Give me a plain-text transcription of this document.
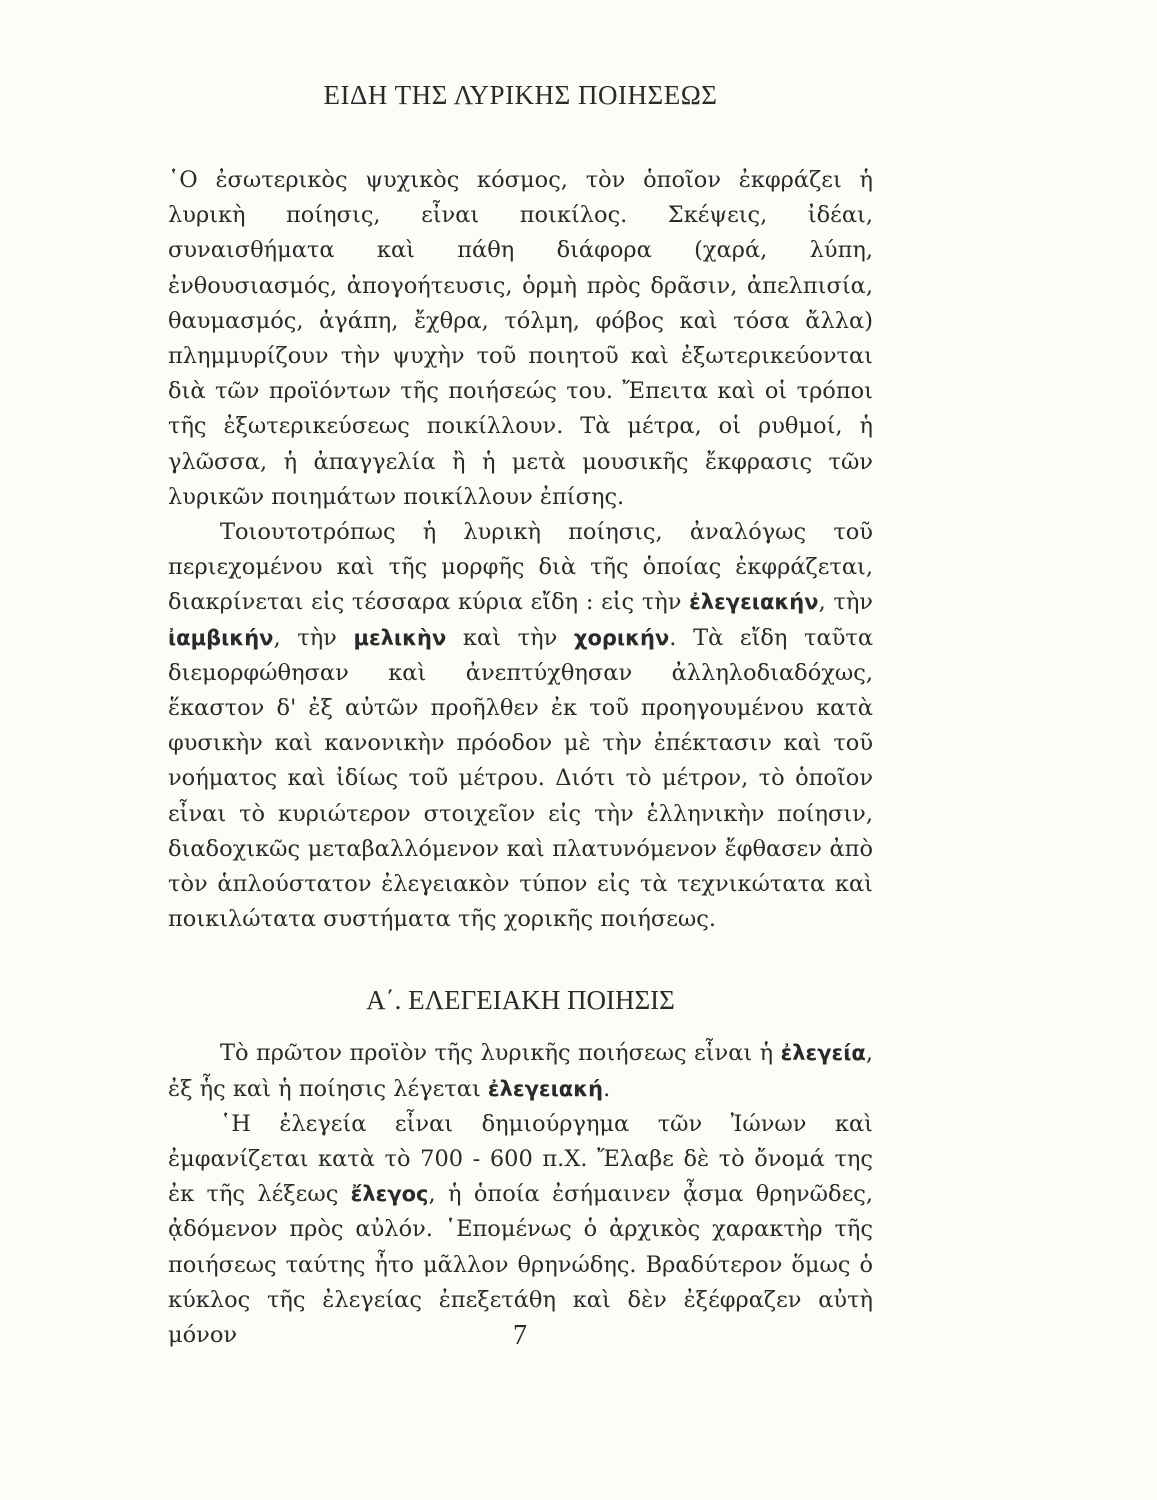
ΕΙΔΗ ΤΗΣ ΛΥΡΙΚΗΣ ΠΟΙΗΣΕΩΣ

῾Ο ἐσωτερικὸς ψυχικὸς κόσμος, τὸν ὁποῖον ἐκφράζει ἡ λυρικὴ ποίησις, εἶναι ποικίλος. Σκέψεις, ἰδέαι, συναισθήματα καὶ πάθη διάφορα (χαρά, λύπη, ἐνθουσιασμός, ἀπογοήτευσις, ὁρμὴ πρὸς δρᾶσιν, ἀπελπισία, θαυμασμός, ἀγάπη, ἔχθρα, τόλμη, φόβος καὶ τόσα ἄλλα) πλημμυρίζουν τὴν ψυχὴν τοῦ ποιητοῦ καὶ ἐξωτερικεύονται διὰ τῶν προϊόντων τῆς ποιήσεώς του. Ἔπειτα καὶ οἱ τρόποι τῆς ἐξωτερικεύσεως ποικίλλουν. Τὰ μέτρα, οἱ ρυθμοί, ἡ γλῶσσα, ἡ ἀπαγγελία ἢ ἡ μετὰ μουσικῆς ἔκφρασις τῶν λυρικῶν ποιημάτων ποικίλλουν ἐπίσης.

Τοιουτοτρόπως ἡ λυρικὴ ποίησις, ἀναλόγως τοῦ περιεχομένου καὶ τῆς μορφῆς διὰ τῆς ὁποίας ἐκφράζεται, διακρίνεται εἰς τέσσαρα κύρια εἴδη : εἰς τὴν ἐλεγειακήν, τὴν ἰαμβικήν, τὴν μελικὴν καὶ τὴν χορικήν. Τὰ εἴδη ταῦτα διεμορφώθησαν καὶ ἀνεπτύχθησαν ἀλληλοδιαδόχως, ἕκαστον δ' ἐξ αὐτῶν προῆλθεν ἐκ τοῦ προηγουμένου κατὰ φυσικὴν καὶ κανονικὴν πρόοδον μὲ τὴν ἐπέκτασιν καὶ τοῦ νοήματος καὶ ἰδίως τοῦ μέτρου. Διότι τὸ μέτρον, τὸ ὁποῖον εἶναι τὸ κυριώτερον στοιχεῖον εἰς τὴν ἑλληνικὴν ποίησιν, διαδοχικῶς μεταβαλλόμενον καὶ πλατυνόμενον ἔφθασεν ἀπὸ τὸν ἁπλούστατον ἐλεγειακὸν τύπον εἰς τὰ τεχνικώτατα καὶ ποικιλώτατα συστήματα τῆς χορικῆς ποιήσεως.

Α΄. ΕΛΕΓΕΙΑΚΗ ΠΟΙΗΣΙΣ

Τὸ πρῶτον προϊὸν τῆς λυρικῆς ποιήσεως εἶναι ἡ ἐλεγεία, ἐξ ἧς καὶ ἡ ποίησις λέγεται ἐλεγειακή.

῾Η ἐλεγεία εἶναι δημιούργημα τῶν Ἰώνων καὶ ἐμφανίζεται κατὰ τὸ 700 - 600 π.Χ. Ἔλαβε δὲ τὸ ὄνομά της ἐκ τῆς λέξεως ἔλεγος, ἡ ὁποία ἐσήμαινεν ᾆσμα θρηνῶδες, ᾀδόμενον πρὸς αὐλόν. ῾Επομένως ὁ ἀρχικὸς χαρακτὴρ τῆς ποιήσεως ταύτης ἦτο μᾶλλον θρηνώδης. Βραδύτερον ὅμως ὁ κύκλος τῆς ἐλεγείας ἐπεξετάθη καὶ δὲν ἐξέφραζεν αὐτὴ μόνον	7
